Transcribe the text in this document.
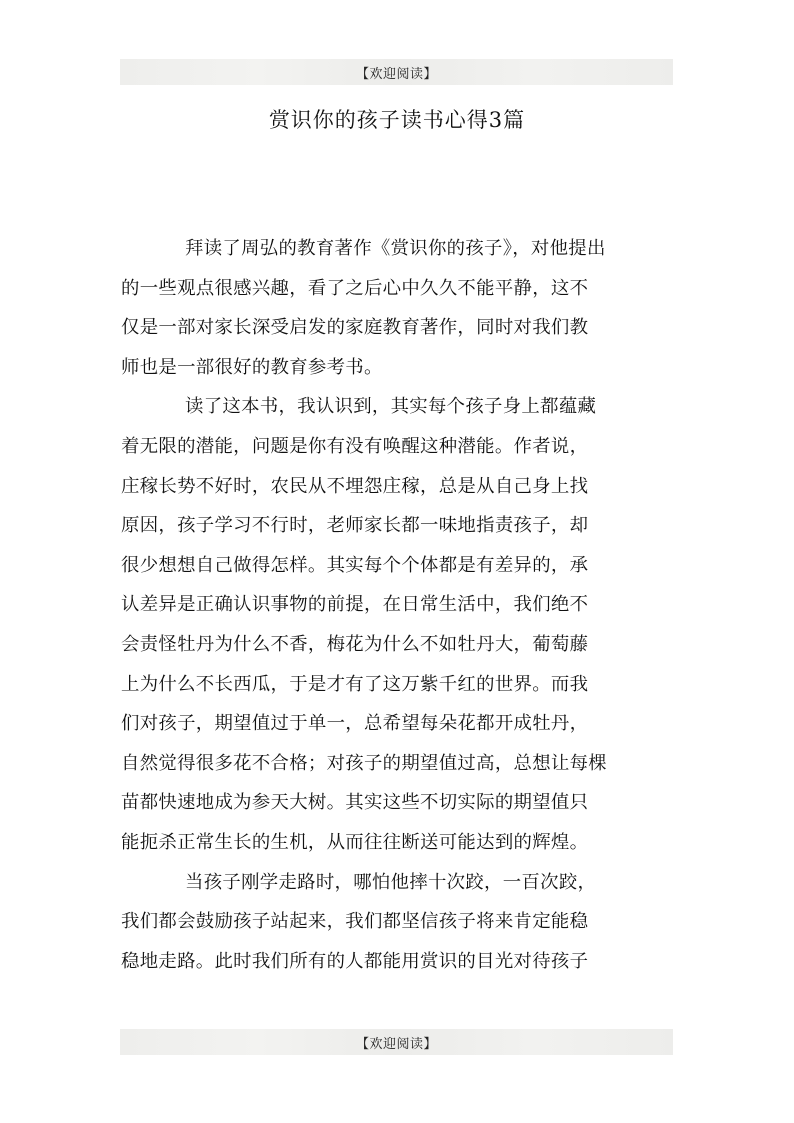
【欢迎阅读】
赏识你的孩子读书心得3篇

拜读了周弘的教育著作《赏识你的孩子》，对他提出
的一些观点很感兴趣，看了之后心中久久不能平静，这不
仅是一部对家长深受启发的家庭教育著作，同时对我们教
师也是一部很好的教育参考书。

读了这本书，我认识到，其实每个孩子身上都蕴藏
着无限的潜能，问题是你有没有唤醒这种潜能。作者说，
庄稼长势不好时，农民从不埋怨庄稼，总是从自己身上找
原因，孩子学习不行时，老师家长都一味地指责孩子，却
很少想想自己做得怎样。其实每个个体都是有差异的，承
认差异是正确认识事物的前提，在日常生活中，我们绝不
会责怪牡丹为什么不香，梅花为什么不如牡丹大，葡萄藤
上为什么不长西瓜，于是才有了这万紫千红的世界。而我
们对孩子，期望值过于单一，总希望每朵花都开成牡丹，
自然觉得很多花不合格；对孩子的期望值过高，总想让每棵
苗都快速地成为参天大树。其实这些不切实际的期望值只
能扼杀正常生长的生机，从而往往断送可能达到的辉煌。

当孩子刚学走路时，哪怕他摔十次跤，一百次跤，
我们都会鼓励孩子站起来，我们都坚信孩子将来肯定能稳
稳地走路。此时我们所有的人都能用赏识的目光对待孩子

【欢迎阅读】
